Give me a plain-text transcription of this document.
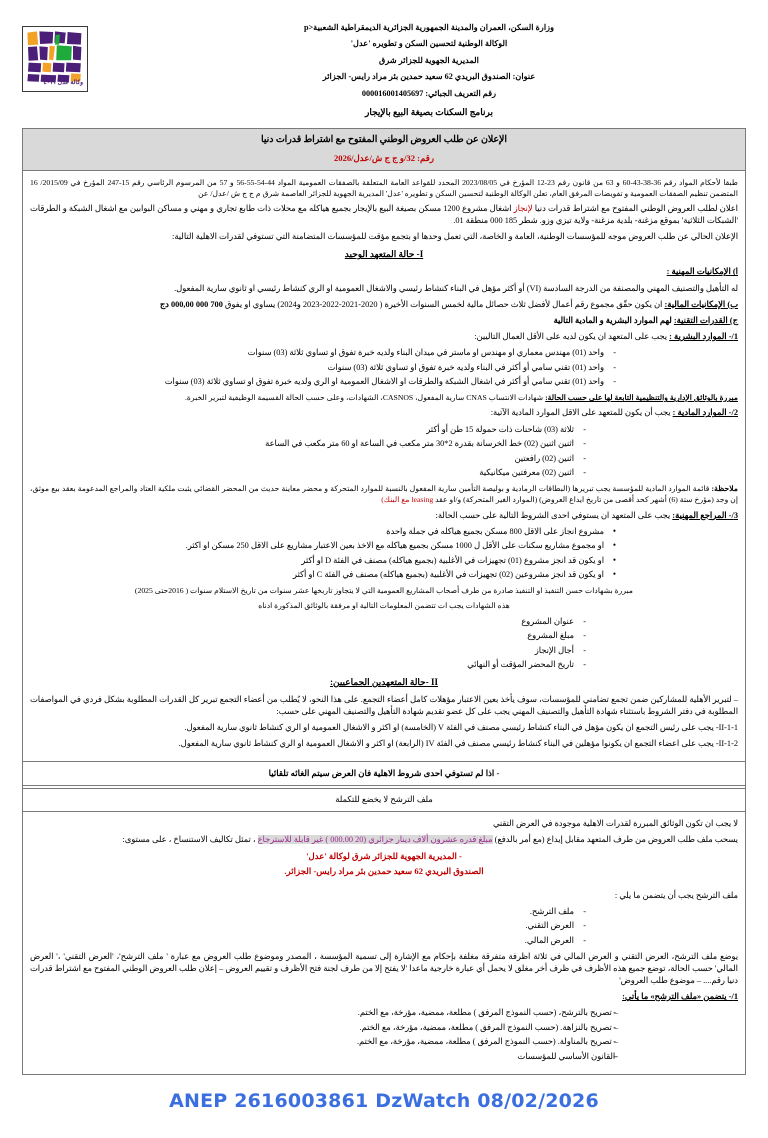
وكالة عدل ٤٠١١
وزارة السكن، العمران والمدينة الجمهورية الجزائرية الديمقراطية الشعبية<p
الوكالة الوطنية لتحسين السكن و تطويره 'عدل'
المديرية الجهوية للجزائر شرق
عنوان: الصندوق البريدي 62 سعيد حمدين بئر مراد رايس- الجزائر
رقم التعريف الجبائي: 000016001405697
برنامج السكنات بصيغة البيع بالإيجار
الإعلان عن طلب العروض الوطني المفتوح مع اشتراط قدرات دنيا
رقم: 32/و ج ج ش/عدل/2026

طبقا لأحكام المواد رقم 36-38-43-60 و 63 من قانون رقم 23-12 المؤرخ في 2023/08/05 المحدد للقواعد العامة المتعلقة بالصفقات العمومية المواد 44-54-55-56 و 57 من المرسوم الرئاسي رقم 15-247 المؤرخ في 2015/09/ 16 المتضمن تنظيم الصفقات العمومية و تفويضات المرفق العام، تعلن الوكالة الوطنية لتحسين السكن و تطويره 'عدل' المديرية الجهوية للجزائر العاصمة شرق م ج ج ش /عدل/ عن

اعلان لطلب العروض الوطني المفتوح مع اشتراط قدرات دنيا لإنجاز اشغال مشروع 1200 مسكن بصيغة البيع بالإيجار بجميع هياكله مع محلات ذات طابع تجاري و مهني و مساكن البوابين مع اشغال الشبكة و الطرقات 'الشبكات الثلاثية' بموقع مزغنة- بلدية مزغنة- ولاية تيزي وزو. شطر 185 000 منطقة 01.

الإعلان الحالي عن طلب العروض موجه للمؤسسات الوطنية، العامة و الخاصة، التي تعمل وحدها او بتجمع مؤقت للمؤسسات المتضامنة التي تستوفي لقدرات الاهلية التالية:

I- حالة المتعهد الوحيد

ا) الإمكانيات المهنية :

له التأهيل والتصنيف المهني والمصنفة من الدرجة السادسة (VI) أو أكثر مؤهل في البناء كنشاط رئيسي والاشغال العمومية او الري كنشاط رئيسي او ثانوي سارية المفعول.

ب) الإمكانيات المالية: ان يكون حقّق مجموع رقم أعمال لأفضل ثلاث حصائل مالية لخمس السنوات الأخيرة ( 2020-2021-2022-2023 و2024) يساوي او يفوق 700 000 000,00 دج

ج) القدرات التقنية: لهم الموارد البشرية و المادية التالية

1/- الموارد البشرية : يجب على المتعهد ان يكون لديه على الأقل العمال التاليين:

- واحد (01) مهندس معماري او مهندس او ماستر في ميدان البناء ولديه خبرة تفوق او تساوي ثلاثة (03) سنوات
- واحد (01) تقني سامي أو أكثر في البناء ولديه خبرة تفوق او تساوي ثلاثة (03) سنوات
- واحد (01) تقني سامي أو أكثر في اشغال الشبكة والطرقات او الاشغال العمومية او الري ولديه خبرة تفوق او تساوي ثلاثة (03) سنوات

مبررة بالوثائق الإدارية والتنظيمية التابعة لها على حسب الحالة: شهادات الانتساب CNAS سارية المفعول، CASNOS، الشهادات، وعلى حسب الحالة القسيمة الوظيفية لتبرير الخبرة.

2/- الموارد المادية : يجب أن يكون للمتعهد على الاقل الموارد المادية الآتية:

- ثلاثة (03) شاحنات ذات حمولة 15 طن أو أكثر
- اثنين اثنين (02) خط الخرسانة بقدرة 2*30 متر مكعب في الساعة او 60 متر مكعب في الساعة
- اثنين (02) رافعتين
- اثنين (02) معرفتين ميكانيكية

ملاحظة: قائمة الموارد المادية للمؤسسة يجب تبريرها (البطاقات الرمادية و بوليصة التأمين سارية المفعول بالنسبة للموارد المتحركة و محضر معاينة حديث من المحضر القضائي يثبت ملكية العتاد والمراجع المدعومة بعقد بيع موثق، إن وجد (مؤرخ ستة (6) أشهر كحد أقصى من تاريخ ايداع العروض) (الموارد الغير المتحركة) و/او عقد leasing مع البنك)

3/- المراجع المهنية: يجب على المتعهد ان يستوفي احدى الشروط التالية على حسب الحالة:

• مشروع انجاز على الاقل 800 مسكن بجميع هياكله في جملة واحدة
• او مجموع مشاريع سكنات على الأقل ل 1000 مسكن بجميع هياكله مع الاخذ بعين الاعتبار مشاريع على الاقل 250 مسكن او اكثر.
• او يكون قد انجز مشروع (01) تجهيزات في الأغلبية (بجميع هياكله) مصنف في الفئة D او أكثر
• او يكون قد انجز مشروعين (02) تجهيزات في الأغلبية (بجميع هياكله) مصنف في الفئة C او أكثر

مبررة بشهادات حسن التنفيذ او التنفيذ صادرة من طرف أصحاب المشاريع العمومية التي لا يتجاوز تاريخها عشر سنوات من تاريخ الاستلام سنوات ( 2016حتى 2025)

هذه الشهادات يجب ات تتضمن المعلومات التالية او مرفقة بالوثائق المذكورة ادناه

- عنوان المشروع
- مبلغ المشروع
- أجال الإنجاز
- تاريخ المحضر المؤقت أو النهائي
II -حالة المتعهدين الجماعيين:

– لتبرير الأهلية للمشاركين ضمن تجمع تضامني للمؤسسات، سوف يأخذ بعين الاعتبار مؤهلات كامل أعضاء التجمع. على هذا النحو، لا يُطلب من أعضاء التجمع تبرير كل القدرات المطلوبة بشكل فردي في المواصفات المطلوبة في دفتر الشروط باستثناء شهادة التأهيل والتصنيف المهني يجب على كل عضو تقديم شهادة التأهيل والتصنيف المهني على حسب:

II-1-1- يجب على رئيس التجمع ان يكون مؤهل في البناء كنشاط رئيسي مصنف في الفئة V (الخامسة) او اكثر و الاشغال العمومية او الري كنشاط ثانوي سارية المفعول.

II-1-2- يجب على اعضاء التجمع ان يكونوا مؤهلين في البناء كنشاط رئيسي مصنف في الفئة IV (الرابعة) او اكثر و الاشغال العمومية او الري كنشاط ثانوي سارية المفعول.

- اذا لم تستوفي احدى شروط الاهلية فان العرض سيتم الغائه تلقائيا
ملف الترشح لا يخضع للتكملة

لا يجب ان تكون الوثائق المبررة لقدرات الاهلية موجودة في العرض التقني

يسحب ملف طلب العروض من طرف المتعهد مقابل إيداع (مع أمر بالدفع) مبلغ قدره عشرون ألاف دينار جزائري (20 000.00 ) غير قابلة للاسترجاع ، تمثل تكاليف الاستنساخ ، على مستوى:

- المديرية الجهوية للجزائر شرق لوكالة 'عدل'
الصندوق البريدي 62 سعيد حمدين بئر مراد رايس- الجزائر.

ملف الترشح يجب أن يتضمن ما يلي :

- ملف الترشح.
- العرض التقني.
- العرض المالي.

يوضع ملف الترشح، العرض التقني و العرض المالي في ثلاثة اظرفة متفرقة مغلفة بإحكام مع الإشارة إلى تسمية المؤسسة ، المصدر وموضوع طلب العروض مع عبارة ' ملف الترشح'، 'العرض التقني' ،' العرض المالي' حسب الحالة، توضع جميع هذه الأظرف في ظرف أخر مغلق لا يحمل أي عبارة خارجية ماعدا 'لا يفتح إلا من طرف لجنة فتح الأظرف و تقييم العروض – إعلان طلب العروض الوطني المفتوح مع اشتراط قدرات دنيا رقم.... – موضوع طلب العروض'

1/- يتضمن «ملف الترشح» ما يأتي:

- – تصريح بالترشح، (حسب النموذج المرفق ) مطلعة، ممضية، مؤرخة، مع الختم.
- – تصريح بالنزاهة. (حسب النموذج المرفق ) مطلعة، ممضية، مؤرخة، مع الختم.
- – تصريح بالمناولة. (حسب النموذج المرفق ) مطلعة، ممضية، مؤرخة، مع الختم.
- -القانون الأساسي للمؤسسات
ANEP 2616003861 DzWatch 08/02/2026
